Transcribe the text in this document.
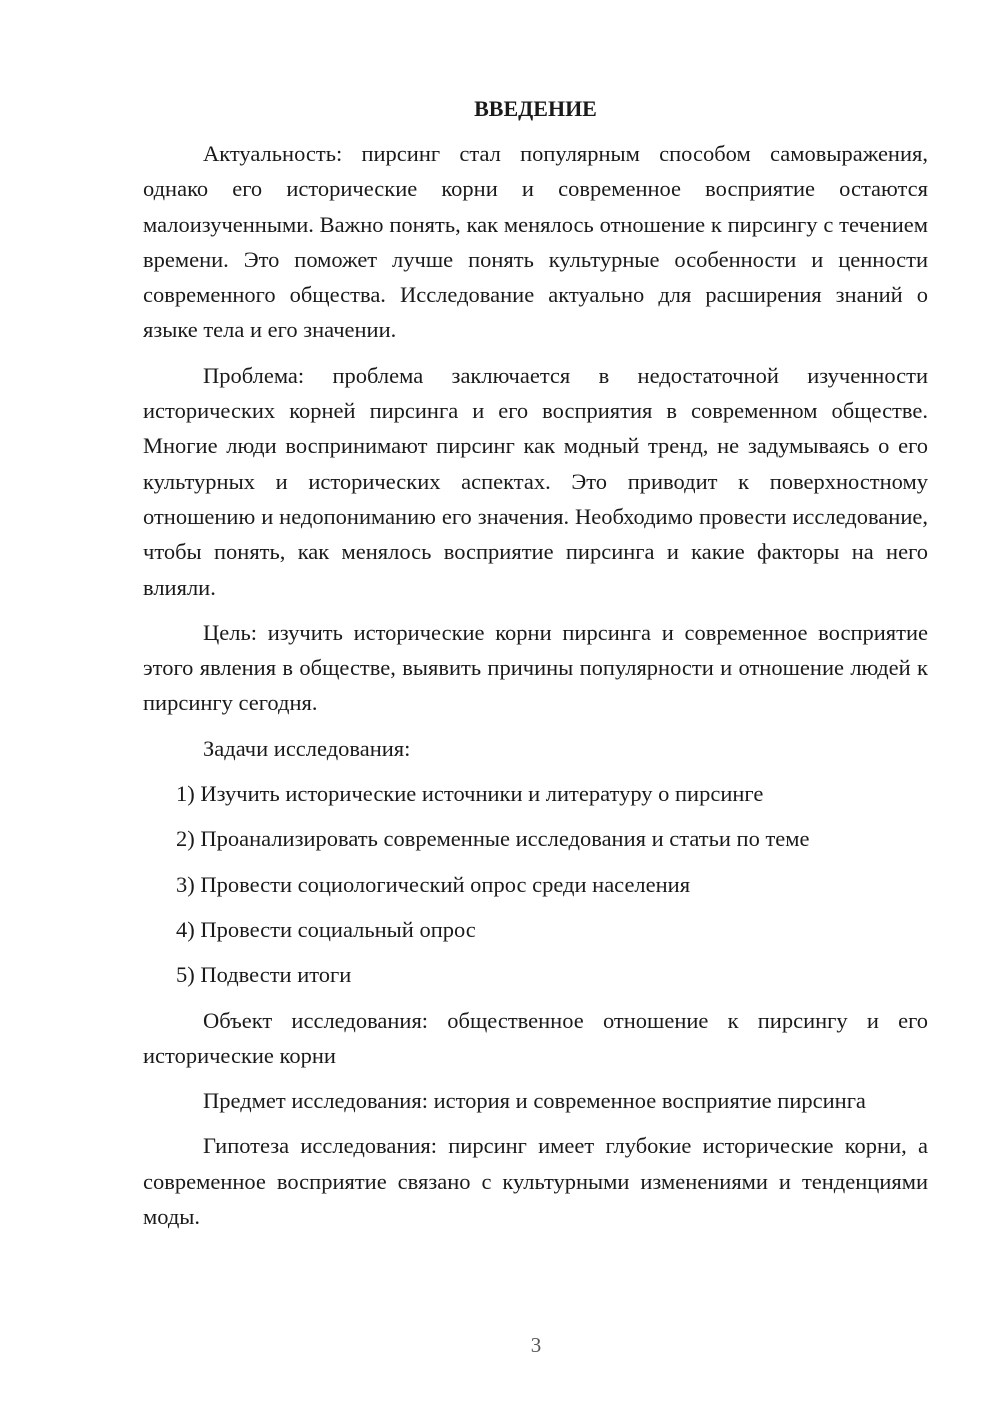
ВВЕДЕНИЕ

Актуальность: пирсинг стал популярным способом самовыражения, однако его исторические корни и современное восприятие остаются малоизученными. Важно понять, как менялось отношение к пирсингу с течением времени. Это поможет лучше понять культурные особенности и ценности современного общества. Исследование актуально для расширения знаний о языке тела и его значении.

Проблема: проблема заключается в недостаточной изученности исторических корней пирсинга и его восприятия в современном обществе. Многие люди воспринимают пирсинг как модный тренд, не задумываясь о его культурных и исторических аспектах. Это приводит к поверхностному отношению и недопониманию его значения. Необходимо провести исследование, чтобы понять, как менялось восприятие пирсинга и какие факторы на него влияли.

Цель: изучить исторические корни пирсинга и современное восприятие этого явления в обществе, выявить причины популярности и отношение людей к пирсингу сегодня.

Задачи исследования:

1) Изучить исторические источники и литературу о пирсинге
2) Проанализировать современные исследования и статьи по теме
3) Провести социологический опрос среди населения
4) Провести социальный опрос
5) Подвести итоги

Объект исследования: общественное отношение к пирсингу и его исторические корни

Предмет исследования: история и современное восприятие пирсинга

Гипотеза исследования: пирсинг имеет глубокие исторические корни, а современное восприятие связано с культурными изменениями и тенденциями моды.

3
